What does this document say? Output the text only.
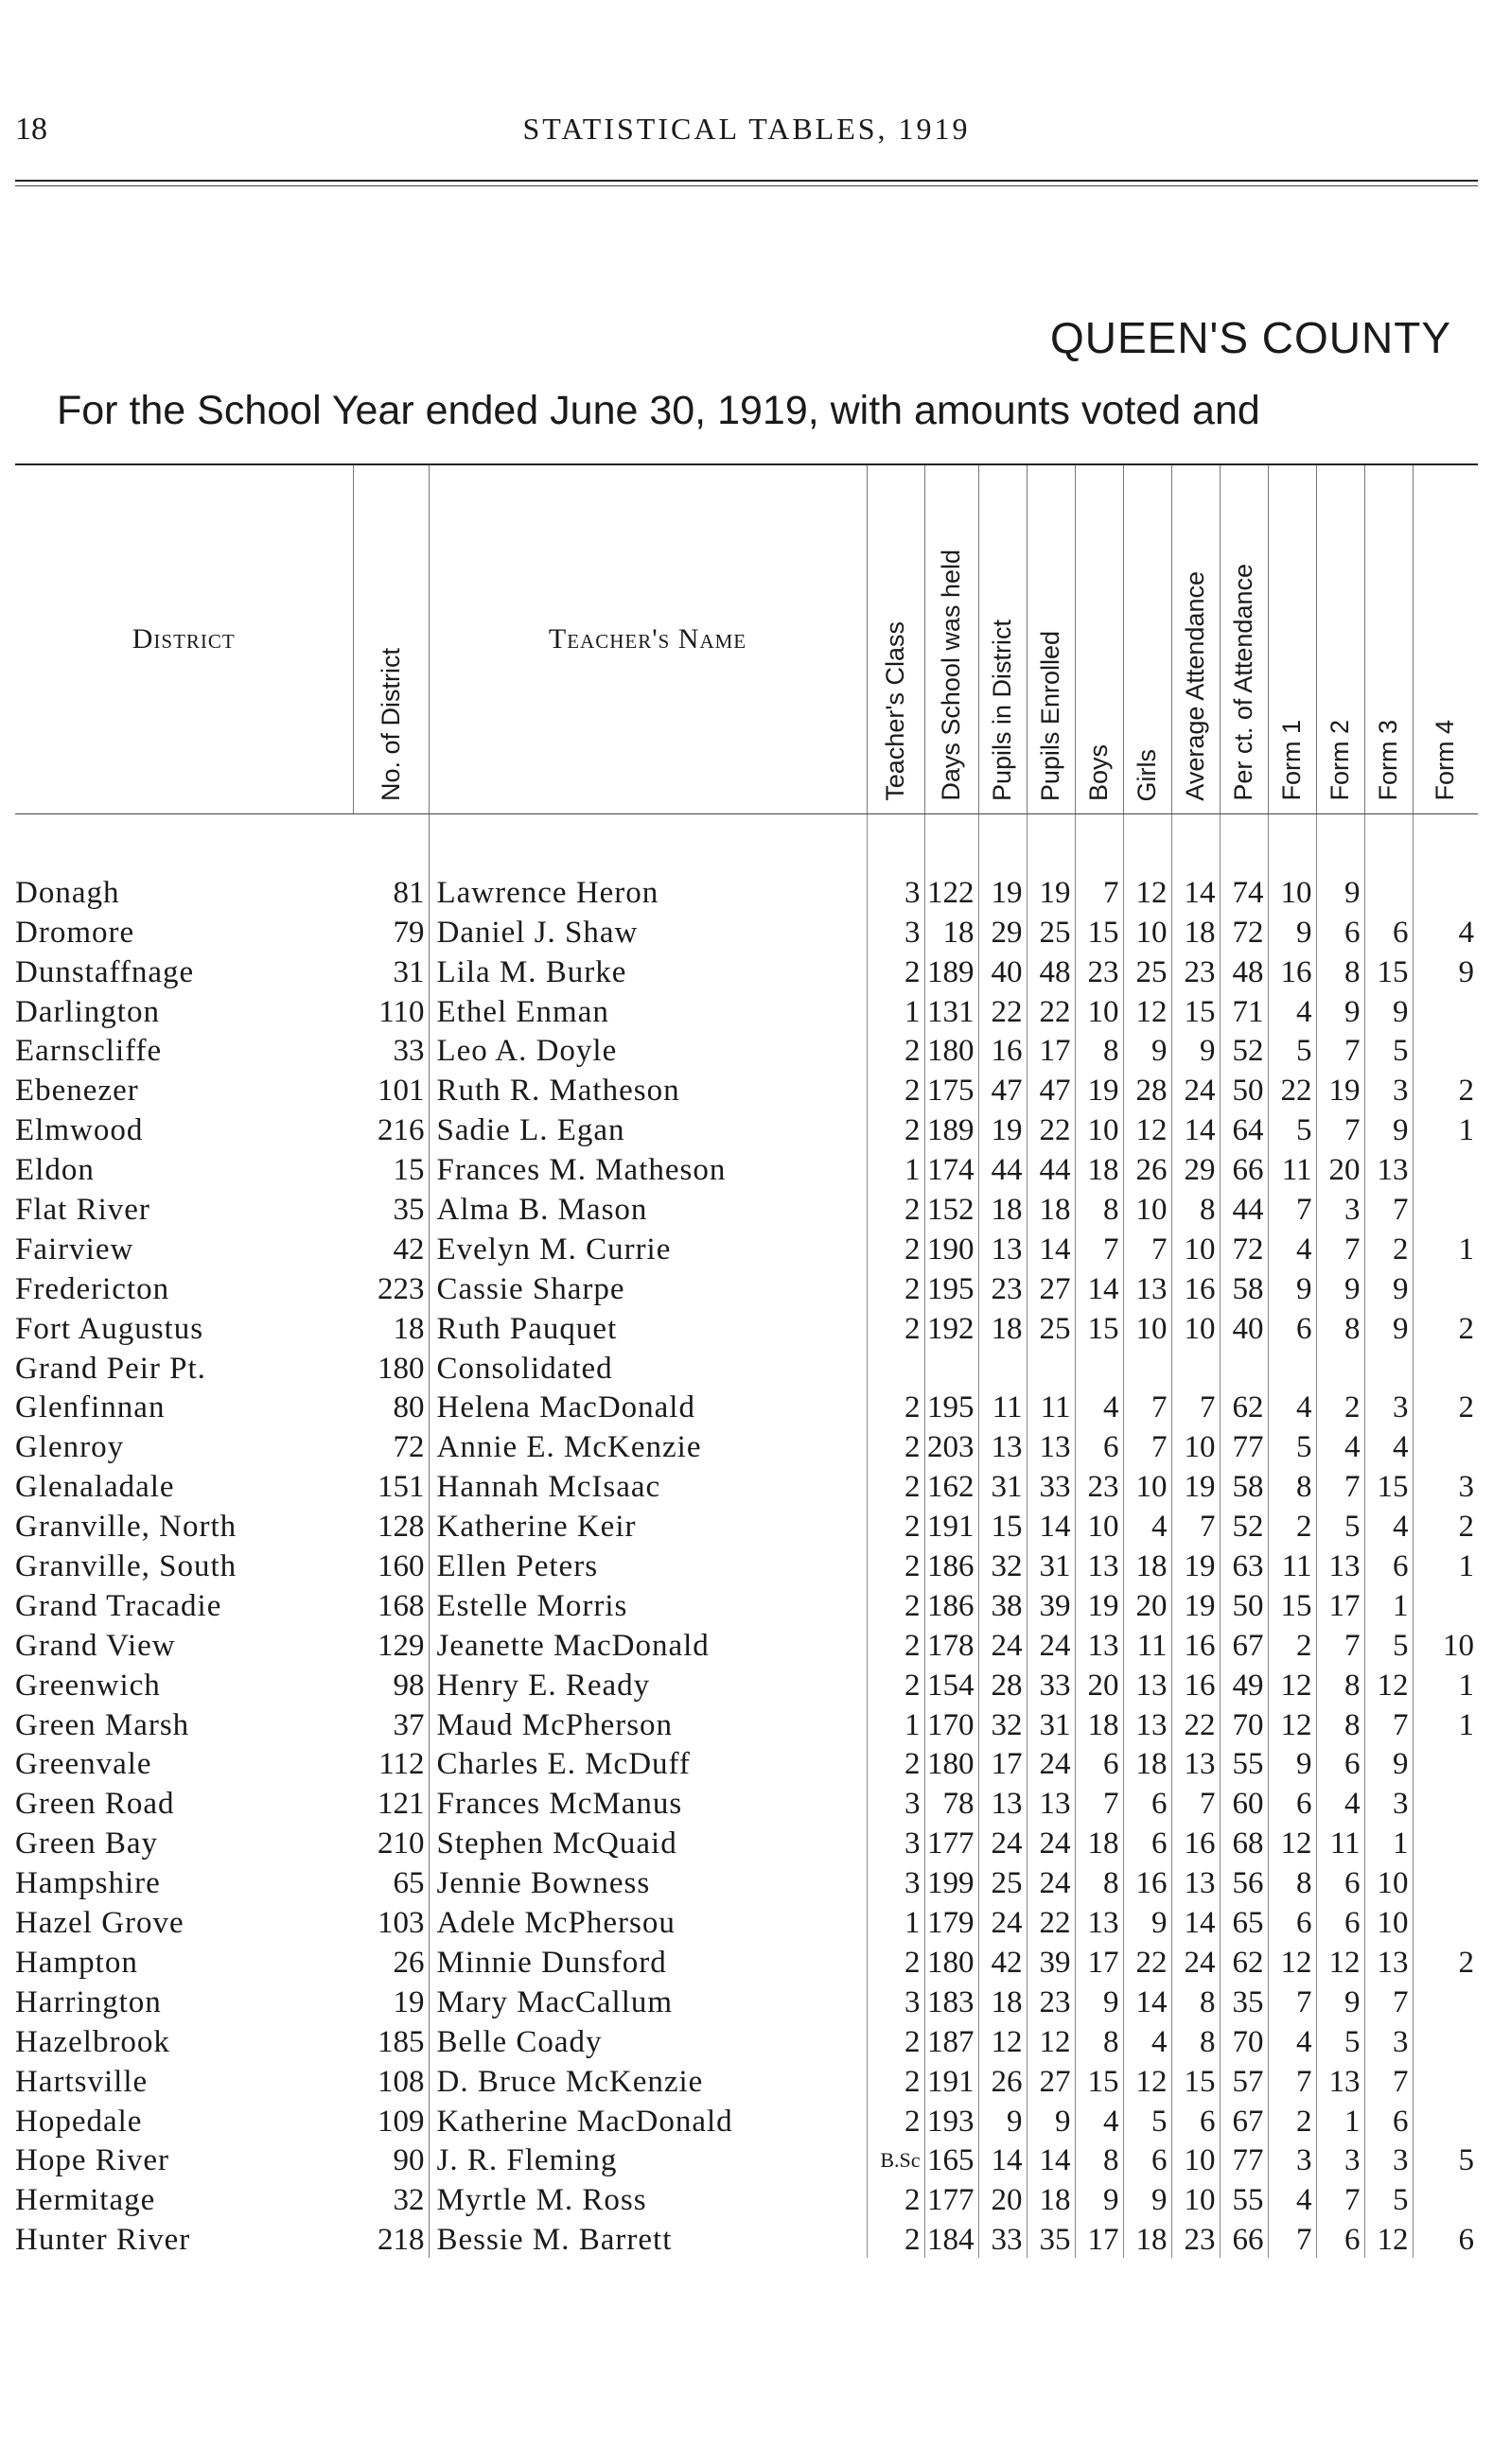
18	STATISTICAL TABLES, 1919
QUEEN'S COUNTY
For the School Year ended June 30, 1919, with amounts voted and
District	No. of District	Teacher's Name	Teacher's Class	Days School was held	Pupils in District	Pupils Enrolled	Boys	Girls	Average Attendance	Per ct. of Attendance	Form 1	Form 2	Form 3	Form 4

Donagh	81	Lawrence Heron	3	122	19	19	7	12	14	74	10	9		
Dromore	79	Daniel J. Shaw	3	18	29	25	15	10	18	72	9	6	6	4
Dunstaffnage	31	Lila M. Burke	2	189	40	48	23	25	23	48	16	8	15	9
Darlington	110	Ethel Enman	1	131	22	22	10	12	15	71	4	9	9	
Earnscliffe	33	Leo A. Doyle	2	180	16	17	8	9	9	52	5	7	5	
Ebenezer	101	Ruth R. Matheson	2	175	47	47	19	28	24	50	22	19	3	2
Elmwood	216	Sadie L. Egan	2	189	19	22	10	12	14	64	5	7	9	1
Eldon	15	Frances M. Matheson	1	174	44	44	18	26	29	66	11	20	13	
Flat River	35	Alma B. Mason	2	152	18	18	8	10	8	44	7	3	7	
Fairview	42	Evelyn M. Currie	2	190	13	14	7	7	10	72	4	7	2	1
Fredericton	223	Cassie Sharpe	2	195	23	27	14	13	16	58	9	9	9	
Fort Augustus	18	Ruth Pauquet	2	192	18	25	15	10	10	40	6	8	9	2
Grand Peir Pt.	180	Consolidated												
Glenfinnan	80	Helena MacDonald	2	195	11	11	4	7	7	62	4	2	3	2
Glenroy	72	Annie E. McKenzie	2	203	13	13	6	7	10	77	5	4	4	
Glenaladale	151	Hannah McIsaac	2	162	31	33	23	10	19	58	8	7	15	3
Granville, North	128	Katherine Keir	2	191	15	14	10	4	7	52	2	5	4	2
Granville, South	160	Ellen Peters	2	186	32	31	13	18	19	63	11	13	6	1
Grand Tracadie	168	Estelle Morris	2	186	38	39	19	20	19	50	15	17	1	
Grand View	129	Jeanette MacDonald	2	178	24	24	13	11	16	67	2	7	5	10
Greenwich	98	Henry E. Ready	2	154	28	33	20	13	16	49	12	8	12	1
Green Marsh	37	Maud McPherson	1	170	32	31	18	13	22	70	12	8	7	1
Greenvale	112	Charles E. McDuff	2	180	17	24	6	18	13	55	9	6	9	
Green Road	121	Frances McManus	3	78	13	13	7	6	7	60	6	4	3	
Green Bay	210	Stephen McQuaid	3	177	24	24	18	6	16	68	12	11	1	
Hampshire	65	Jennie Bowness	3	199	25	24	8	16	13	56	8	6	10	
Hazel Grove	103	Adele McPhersou	1	179	24	22	13	9	14	65	6	6	10	
Hampton	26	Minnie Dunsford	2	180	42	39	17	22	24	62	12	12	13	2
Harrington	19	Mary MacCallum	3	183	18	23	9	14	8	35	7	9	7	
Hazelbrook	185	Belle Coady	2	187	12	12	8	4	8	70	4	5	3	
Hartsville	108	D. Bruce McKenzie	2	191	26	27	15	12	15	57	7	13	7	
Hopedale	109	Katherine MacDonald	2	193	9	9	4	5	6	67	2	1	6	
Hope River	90	J. R. Fleming	B.Sc	165	14	14	8	6	10	77	3	3	3	5
Hermitage	32	Myrtle M. Ross	2	177	20	18	9	9	10	55	4	7	5	
Hunter River	218	Bessie M. Barrett	2	184	33	35	17	18	23	66	7	6	12	6
